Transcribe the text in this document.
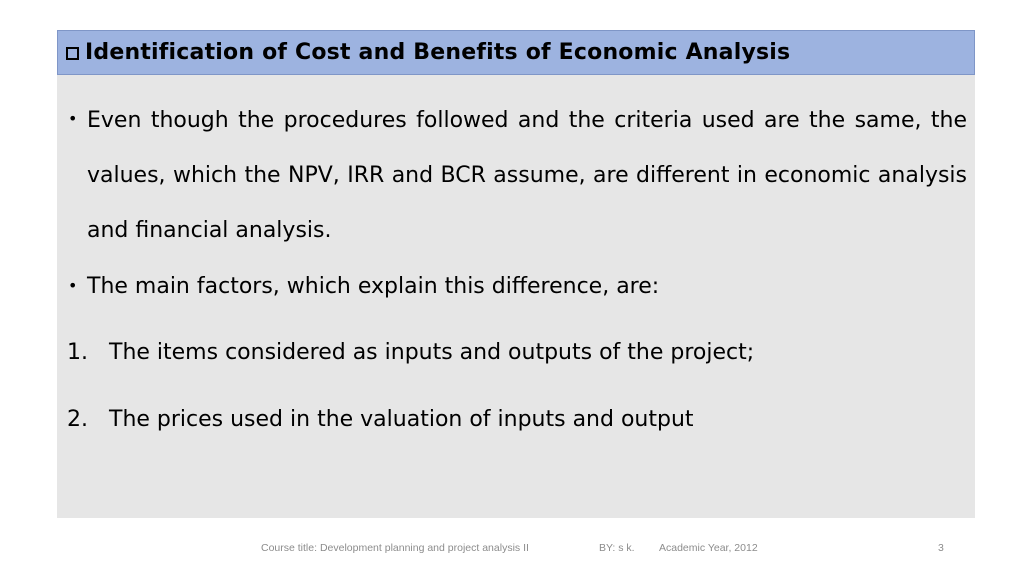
Identification of Cost and Benefits of Economic Analysis
• Even though the procedures followed and the criteria used are the same, the values, which the NPV, IRR and BCR assume, are different in economic analysis and financial analysis.
• The main factors, which explain this difference, are:
1. The items considered as inputs and outputs of the project;
2. The prices used in the valuation of inputs and output
Course title: Development planning and project analysis II	BY: s k. Academic Year, 2012	3
